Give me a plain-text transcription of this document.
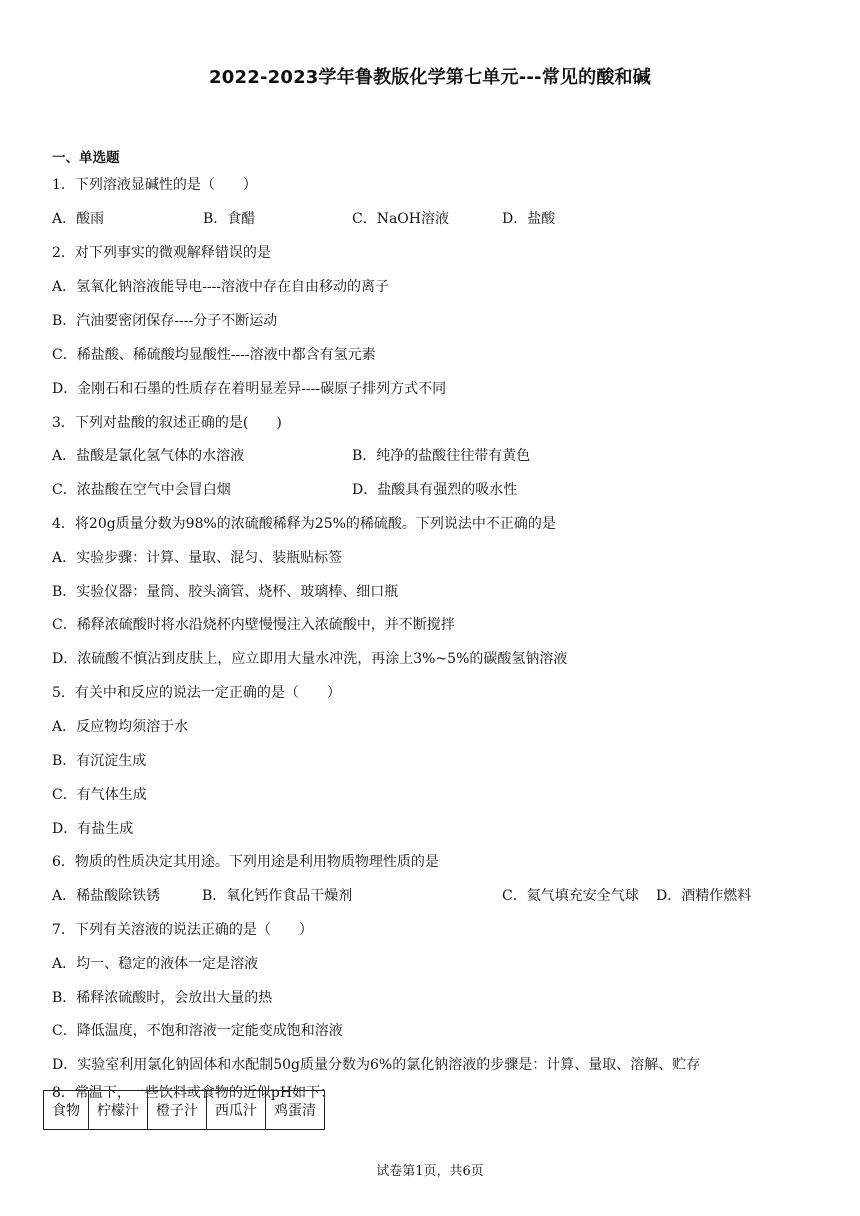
2022-2023学年鲁教版化学第七单元---常见的酸和碱
一、单选题
1．下列溶液显碱性的是（　　）
A．酸雨	B．食醋	C．NaOH溶液	D．盐酸
2．对下列事实的微观解释错误的是
A．氢氧化钠溶液能导电----溶液中存在自由移动的离子
B．汽油要密闭保存----分子不断运动
C．稀盐酸、稀硫酸均显酸性----溶液中都含有氢元素
D．金刚石和石墨的性质存在着明显差异----碳原子排列方式不同
3．下列对盐酸的叙述正确的是(　　)
A．盐酸是氯化氢气体的水溶液	B．纯净的盐酸往往带有黄色
C．浓盐酸在空气中会冒白烟	D．盐酸具有强烈的吸水性
4．将20g质量分数为98%的浓硫酸稀释为25%的稀硫酸。下列说法中不正确的是
A．实验步骤：计算、量取、混匀、装瓶贴标签
B．实验仪器：量筒、胶头滴管、烧杯、玻璃棒、细口瓶
C．稀释浓硫酸时将水沿烧杯内壁慢慢注入浓硫酸中，并不断搅拌
D．浓硫酸不慎沾到皮肤上，应立即用大量水冲洗，再涂上3%~5%的碳酸氢钠溶液
5．有关中和反应的说法一定正确的是（　　）
A．反应物均须溶于水
B．有沉淀生成
C．有气体生成
D．有盐生成
6．物质的性质决定其用途。下列用途是利用物质物理性质的是
A．稀盐酸除铁锈	B．氧化钙作食品干燥剂	C．氦气填充安全气球 D．酒精作燃料
7．下列有关溶液的说法正确的是（　　）
A．均一、稳定的液体一定是溶液
B．稀释浓硫酸时，会放出大量的热
C．降低温度，不饱和溶液一定能变成饱和溶液
D．实验室利用氯化钠固体和水配制50g质量分数为6%的氯化钠溶液的步骤是：计算、量取、溶解、贮存
8．常温下，一些饮料或食物的近似pH如下：
食物	柠檬汁	橙子汁	西瓜汁	鸡蛋清
试卷第1页，共6页
